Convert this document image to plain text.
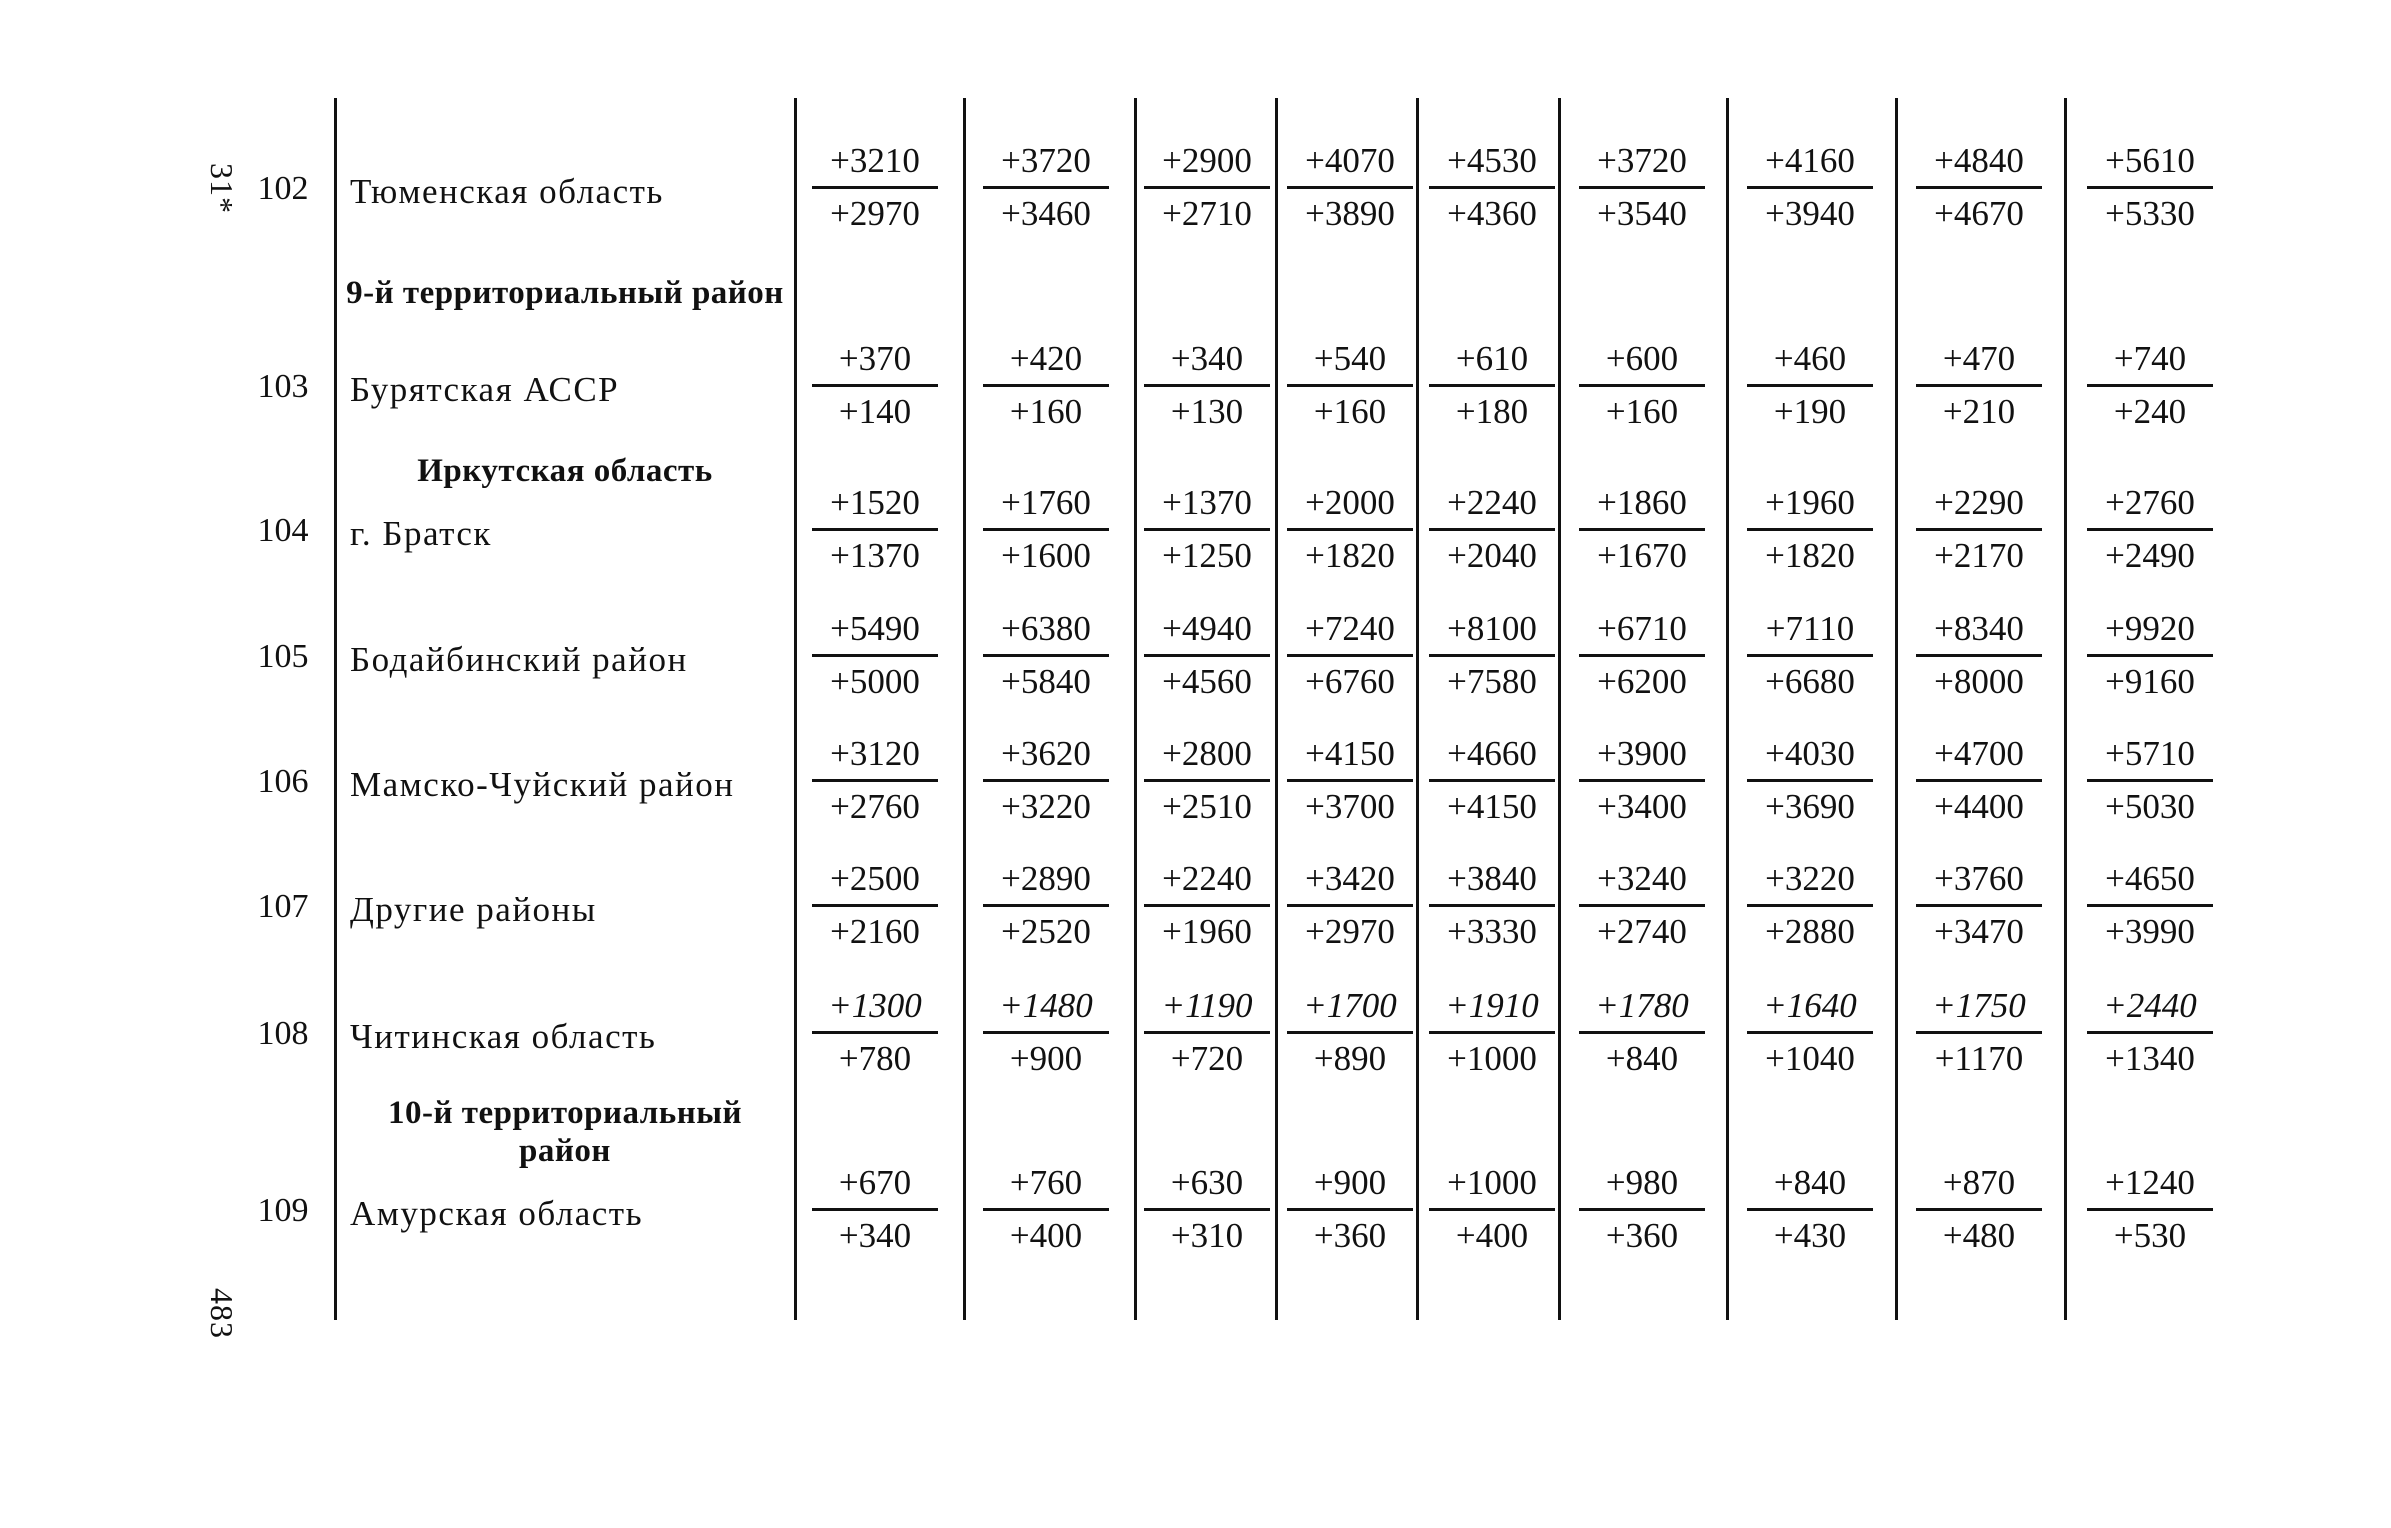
31*
483
9-й территориальный район
Иркутская область
10-й территориальный район
102 Тюменская область
+3210
+2970
+3720
+3460
+2900
+2710
+4070
+3890
+4530
+4360
+3720
+3540
+4160
+3940
+4840
+4670
+5610
+5330
103 Бурятская АССР
+370
+140
+420
+160
+340
+130
+540
+160
+610
+180
+600
+160
+460
+190
+470
+210
+740
+240
104 г. Братск
+1520
+1370
+1760
+1600
+1370
+1250
+2000
+1820
+2240
+2040
+1860
+1670
+1960
+1820
+2290
+2170
+2760
+2490
105 Бодайбинский район
+5490
+5000
+6380
+5840
+4940
+4560
+7240
+6760
+8100
+7580
+6710
+6200
+7110
+6680
+8340
+8000
+9920
+9160
106 Мамско-Чуйский район
+3120
+2760
+3620
+3220
+2800
+2510
+4150
+3700
+4660
+4150
+3900
+3400
+4030
+3690
+4700
+4400
+5710
+5030
107 Другие районы
+2500
+2160
+2890
+2520
+2240
+1960
+3420
+2970
+3840
+3330
+3240
+2740
+3220
+2880
+3760
+3470
+4650
+3990
108 Читинская область
+1300
+780
+1480
+900
+1190
+720
+1700
+890
+1910
+1000
+1780
+840
+1640
+1040
+1750
+1170
+2440
+1340
109 Амурская область
+670
+340
+760
+400
+630
+310
+900
+360
+1000
+400
+980
+360
+840
+430
+870
+480
+1240
+530
